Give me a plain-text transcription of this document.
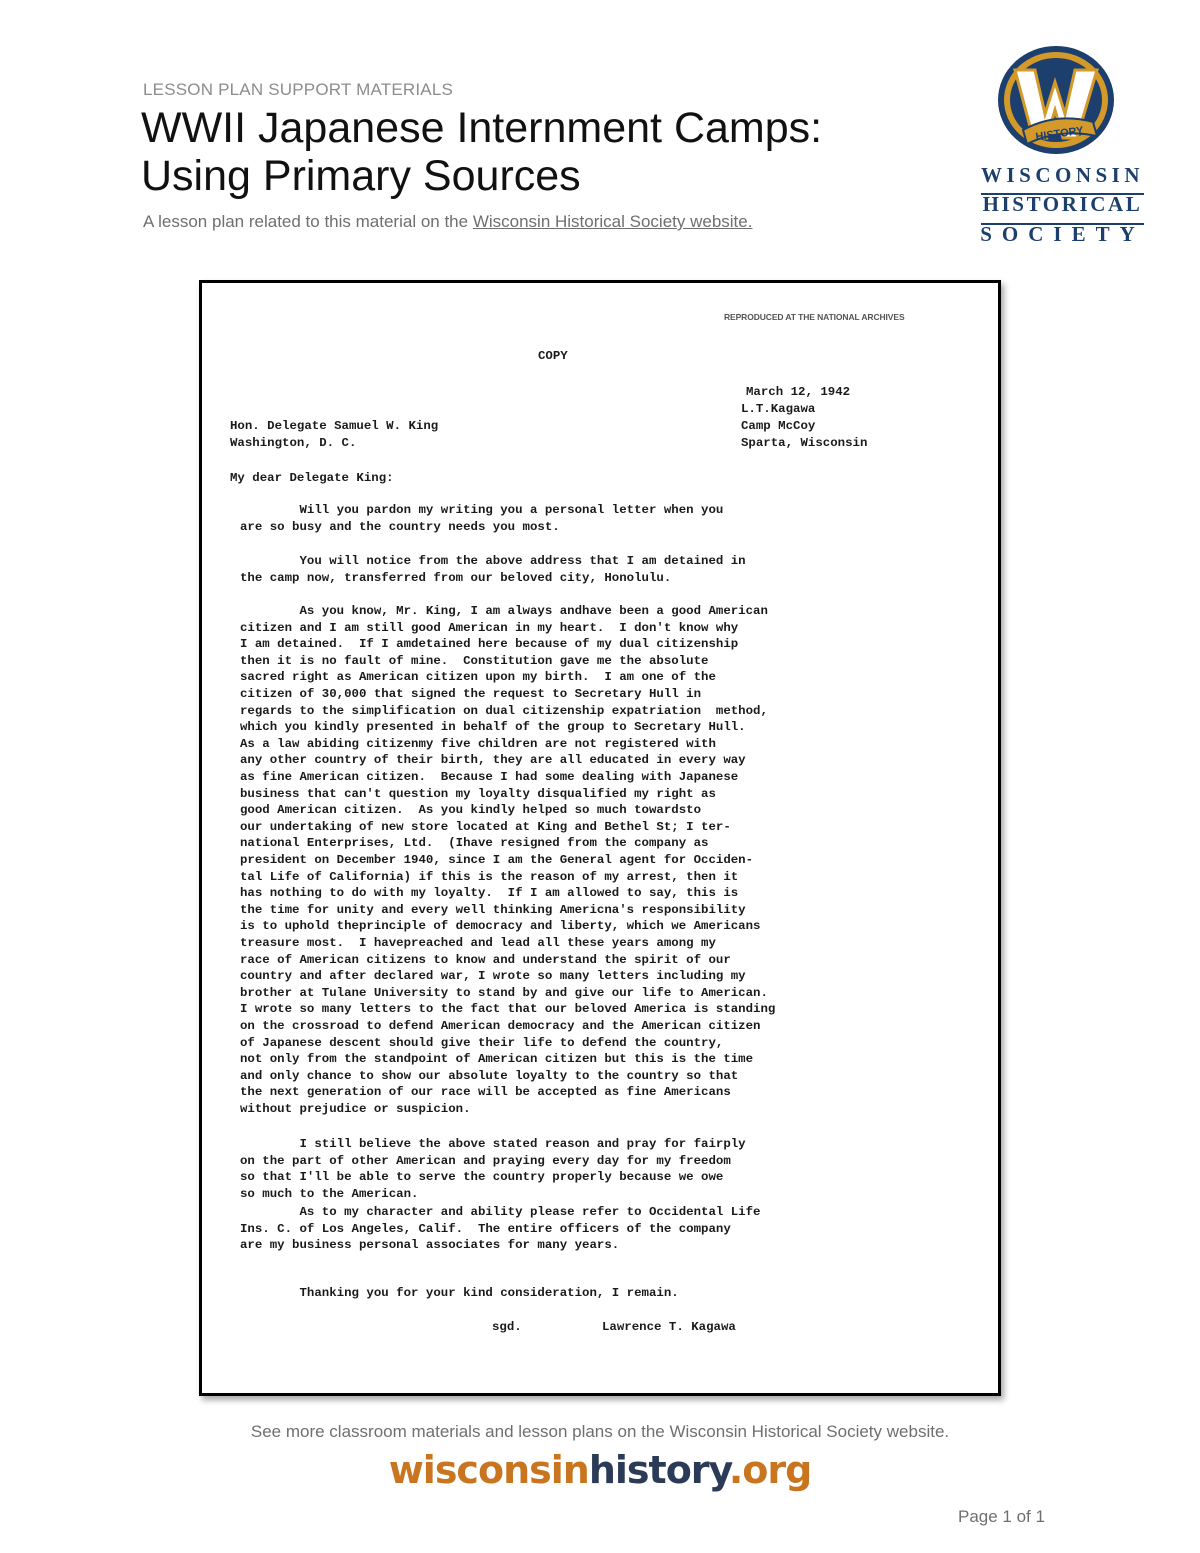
LESSON PLAN SUPPORT MATERIALS
WWII Japanese Internment Camps:
Using Primary Sources
A lesson plan related to this material on the Wisconsin Historical Society website.
HISTORY
WISCONSIN
HISTORICAL
SOCIETY
REPRODUCED AT THE NATIONAL ARCHIVES
COPY
March 12, 1942
L.T.Kagawa
Camp McCoy
Sparta, Wisconsin
Hon. Delegate Samuel W. King
Washington, D. C.
My dear Delegate King:
Will you pardon my writing you a personal letter when you
are so busy and the country needs you most.
You will notice from the above address that I am detained in
the camp now, transferred from our beloved city, Honolulu.
As you know, Mr. King, I am always andhave been a good American
citizen and I am still good American in my heart.  I don't know why
I am detained.  If I amdetained here because of my dual citizenship
then it is no fault of mine.  Constitution gave me the absolute
sacred right as American citizen upon my birth.  I am one of the
citizen of 30,000 that signed the request to Secretary Hull in
regards to the simplification on dual citizenship expatriation  method,
which you kindly presented in behalf of the group to Secretary Hull.
As a law abiding citizenmy five children are not registered with
any other country of their birth, they are all educated in every way
as fine American citizen.  Because I had some dealing with Japanese
business that can't question my loyalty disqualified my right as
good American citizen.  As you kindly helped so much towardsto
our undertaking of new store located at King and Bethel St; I ter-
national Enterprises, Ltd.  (Ihave resigned from the company as
president on December 1940, since I am the General agent for Occiden-
tal Life of California) if this is the reason of my arrest, then it
has nothing to do with my loyalty.  If I am allowed to say, this is
the time for unity and every well thinking Americna's responsibility
is to uphold theprinciple of democracy and liberty, which we Americans
treasure most.  I havepreached and lead all these years among my
race of American citizens to know and understand the spirit of our
country and after declared war, I wrote so many letters including my
brother at Tulane University to stand by and give our life to American.
I wrote so many letters to the fact that our beloved America is standing
on the crossroad to defend American democracy and the American citizen
of Japanese descent should give their life to defend the country,
not only from the standpoint of American citizen but this is the time
and only chance to show our absolute loyalty to the country so that
the next generation of our race will be accepted as fine Americans
without prejudice or suspicion.
I still believe the above stated reason and pray for fairply
on the part of other American and praying every day for my freedom
so that I'll be able to serve the country properly because we owe
so much to the American.
As to my character and ability please refer to Occidental Life
Ins. C. of Los Angeles, Calif.  The entire officers of the company
are my business personal associates for many years.
Thanking you for your kind consideration, I remain.
sgd.	Lawrence T. Kagawa
See more classroom materials and lesson plans on the Wisconsin Historical Society website.
wisconsinhistory.org
Page 1 of 1
